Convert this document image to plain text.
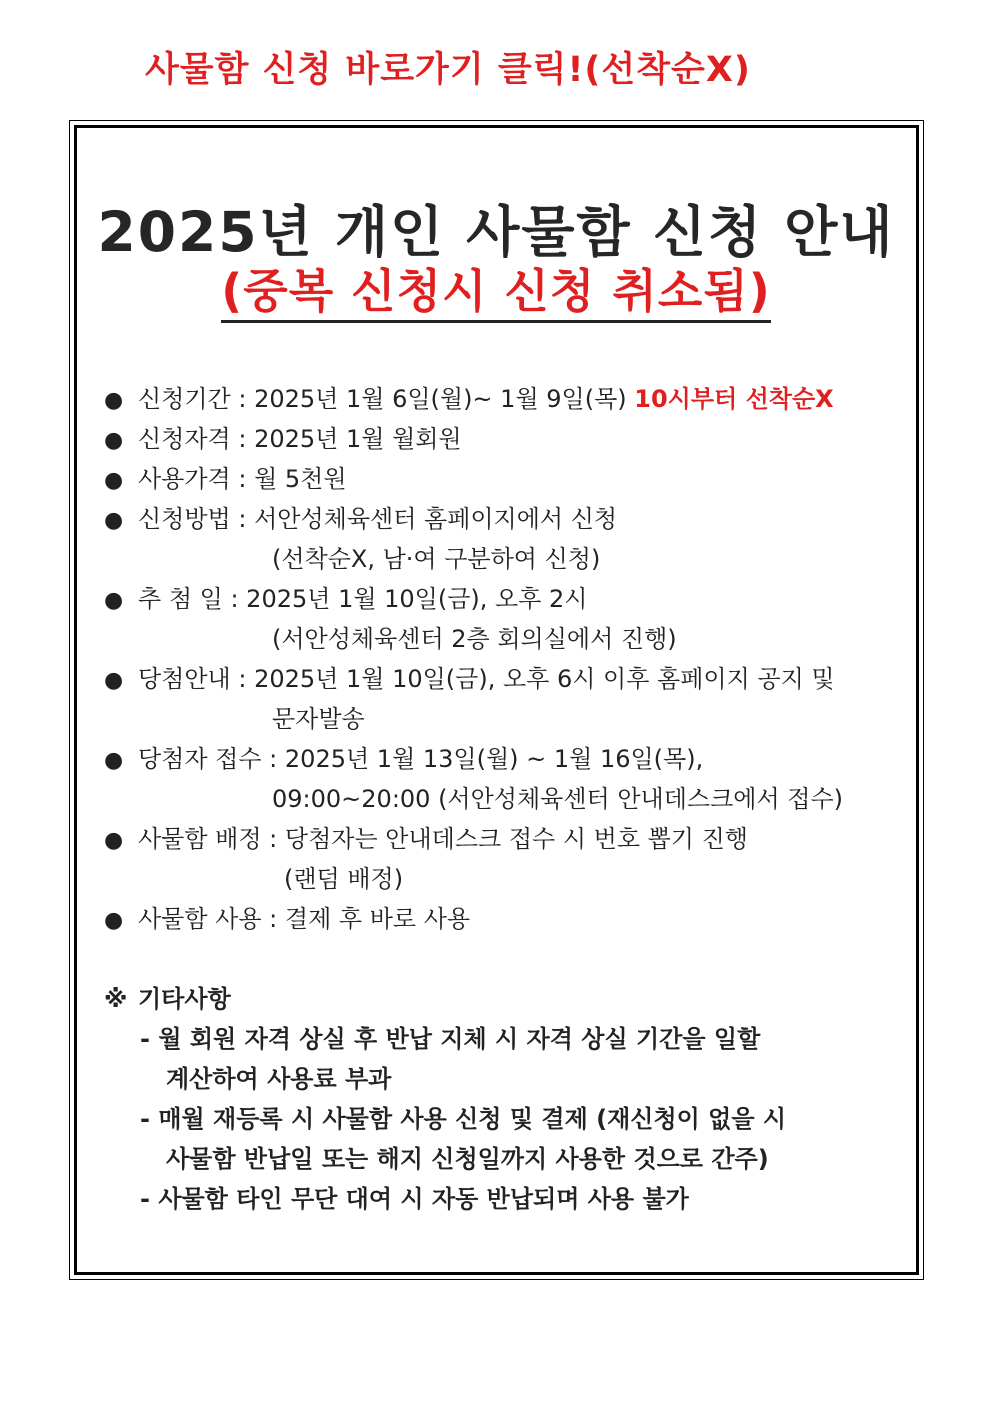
사물함 신청 바로가기 클릭!(선착순X)
2025년 개인 사물함 신청 안내
(중복 신청시 신청 취소됨)

● 신청기간 : 2025년 1월 6일(월)~ 1월 9일(목) 10시부터 선착순X

● 신청자격 : 2025년 1월 월회원

● 사용가격 : 월 5천원

● 신청방법 : 서안성체육센터 홈페이지에서 신청

(선착순X, 남·여 구분하여 신청)

● 추 첨 일 : 2025년 1월 10일(금), 오후 2시

(서안성체육센터 2층 회의실에서 진행)

● 당첨안내 : 2025년 1월 10일(금), 오후 6시 이후 홈페이지 공지 및

문자발송

● 당첨자 접수 : 2025년 1월 13일(월) ~ 1월 16일(목),

09:00~20:00 (서안성체육센터 안내데스크에서 접수)

● 사물함 배정 : 당첨자는 안내데스크 접수 시 번호 뽑기 진행

(랜덤 배정)

● 사물함 사용 : 결제 후 바로 사용

※ 기타사항

- 월 회원 자격 상실 후 반납 지체 시 자격 상실 기간을 일할

계산하여 사용료 부과

- 매월 재등록 시 사물함 사용 신청 및 결제 (재신청이 없을 시

사물함 반납일 또는 해지 신청일까지 사용한 것으로 간주)

- 사물함 타인 무단 대여 시 자동 반납되며 사용 불가
